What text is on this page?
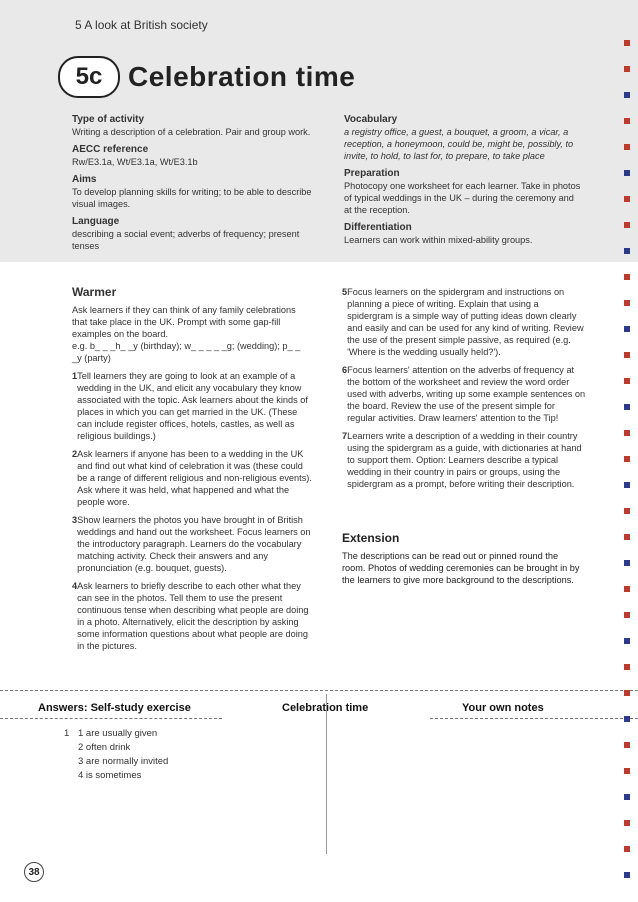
5 A look at British society
5c Celebration time
Type of activity
Writing a description of a celebration. Pair and group work.
AECC reference
Rw/E3.1a, Wt/E3.1a, Wt/E3.1b
Aims
To develop planning skills for writing; to be able to describe visual images.
Language
describing a social event; adverbs of frequency; present tenses
Vocabulary
a registry office, a guest, a bouquet, a groom, a vicar, a reception, a honeymoon, could be, might be, possibly, to invite, to hold, to last for, to prepare, to take place
Preparation
Photocopy one worksheet for each learner. Take in photos of typical weddings in the UK – during the ceremony and at the reception.
Differentiation
Learners can work within mixed-ability groups.
Warmer
Ask learners if they can think of any family celebrations that take place in the UK. Prompt with some gap-fill examples on the board.
e.g. b_ _ _h_ _y (birthday); w_ _ _ _ _g; (wedding); p_ _ _y (party)
1 Tell learners they are going to look at an example of a wedding in the UK, and elicit any vocabulary they know associated with the topic. Ask learners about the kinds of places in which you can get married in the UK. (These can include register offices, hotels, castles, as well as religious buildings.)
2 Ask learners if anyone has been to a wedding in the UK and find out what kind of celebration it was (these could be a range of different religious and non-religious events). Ask where it was held, what happened and what the people wore.
3 Show learners the photos you have brought in of British weddings and hand out the worksheet. Focus learners on the introductory paragraph. Learners do the vocabulary matching activity. Check their answers and any pronunciation (e.g. bouquet, guests).
4 Ask learners to briefly describe to each other what they can see in the photos. Tell them to use the present continuous tense when describing what people are doing in a photo. Alternatively, elicit the description by asking some information questions about what people are doing in the pictures.
5 Focus learners on the spidergram and instructions on planning a piece of writing. Explain that using a spidergram is a simple way of putting ideas down clearly and easily and can be used for any kind of writing. Review the use of the present simple passive, as required (e.g. 'Where is the wedding usually held?').
6 Focus learners' attention on the adverbs of frequency at the bottom of the worksheet and review the word order used with adverbs, writing up some example sentences on the board. Review the use of the present simple for regular activities. Draw learners' attention to the Tip!
7 Learners write a description of a wedding in their country using the spidergram as a guide, with dictionaries at hand to support them. Option: Learners describe a typical wedding in their country in pairs or groups, using the spidergram as a prompt, before writing their description.
Extension
The descriptions can be read out or pinned round the room. Photos of wedding ceremonies can be brought in by the learners to give more background to the descriptions.
Answers: Self-study exercise	Celebration time	Your own notes
1 1 are usually given
2 often drink
3 are normally invited
4 is sometimes
38
